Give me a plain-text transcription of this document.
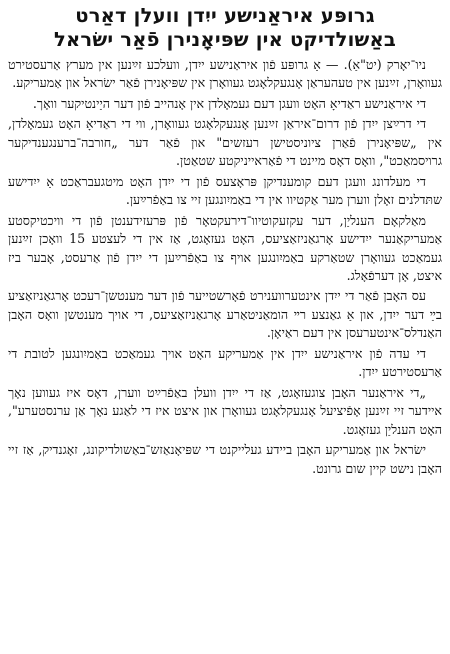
גרופּע איראַנישע ייִדן וועלן דאַרט
באַשולדיקט אין שפּיאָנירן פֿאַר ישׂראל

ניו־יאָרק (יט"אַ). — אַ גרופּע פֿון איראַנישע ייִדן, וועלכע זײַנען אין מערץ אַרעסטירט געוואָרן, זײַנען אין טעהעראַן אָנגעקלאָגט געוואָרן אין שפּיאָנירן פֿאַר ישׂראל און אַמעריקע.

די איראַנישע ראַדיאָ האָט וועגן דעם געמאָלדן אין אָנהייב פֿון דער היַינטיקער וואָך.

די דרײַצן ייִדן פֿון דרום־איראַן זײַנען אָנגעקלאָגט געוואָרן, ווי די ראַדיאָ האָט געמאָלדן, אין „שפּיאָנירן פֿאַרן ציוניסטישן רעזשים" און פֿאַר דער „חורבה־ברענגענדיקער גרויסמאַכט", וואָס דאָס מיינט די פֿאַראייניקטע שטאַטן.

די מעלדונג וועגן דעם קומענדיקן פּראָצעס פֿון די ייִדן האָט מיטגעבראַכט אַ ייִדישע שתּדלנים זאָלן ווערן מער אַקטיוו אין די באַמיִונגען זיי צו באַפֿרײַען.

מאַלקאָם הענליַן, דער עקזעקוטיוו־דירעקטאָר פֿון פּרעזידענטן פֿון די וויכטיקסטע אַמעריקאַנער ייִדישע אָרגאַניזאַציעס, האָט געזאָגט, אַז אין די לעצטע 15 וואָכן זײַנען געמאַכט געוואָרן שטאַרקע באַמיִונגען אויף צו באַפֿרײַען די ייִדן פֿון אַרעסט, אָבער ביז איצט, אָן דערפֿאָלג.

עס האָבן פֿאַר די ייִדן אינטערווענירט פֿאָרשטייער פֿון דער מענטשן־רעכט אָרגאַניזאַציע בײַ דער ייִדן, און אַ גאַנצע רײ הומאַניטאַרע אָרגאַניזאַציעס, די אויך מענטשן וואָס האָבן האַנדלס־אינטערעסן אין דעם ראַיאָן.

די עדה פֿון איראַנישע ייִדן אין אַמעריקע האָט אויך געמאַכט באַמיִונגען לטובת די אַרעסטירטע ייִדן.

„די איראַנער האָבן צוגעזאָגט, אַז די ייִדן וועלן באַפֿרײַט ווערן, דאָס איז געווען נאָך איידער זיי זײַנען אָפֿיציעל אָנגעקלאָגט געוואָרן און איצט איז די לאַגע נאָך אַן ערנסטערע", האָט הענליַן געזאָגט.

ישׂראל און אַמעריקע האָבן ביידע געלייקנט די שפּיאָנאַזש־באַשולדיקונג, זאָגנדיק, אַז זיי האָבן נישט קיין שום גרונט.
